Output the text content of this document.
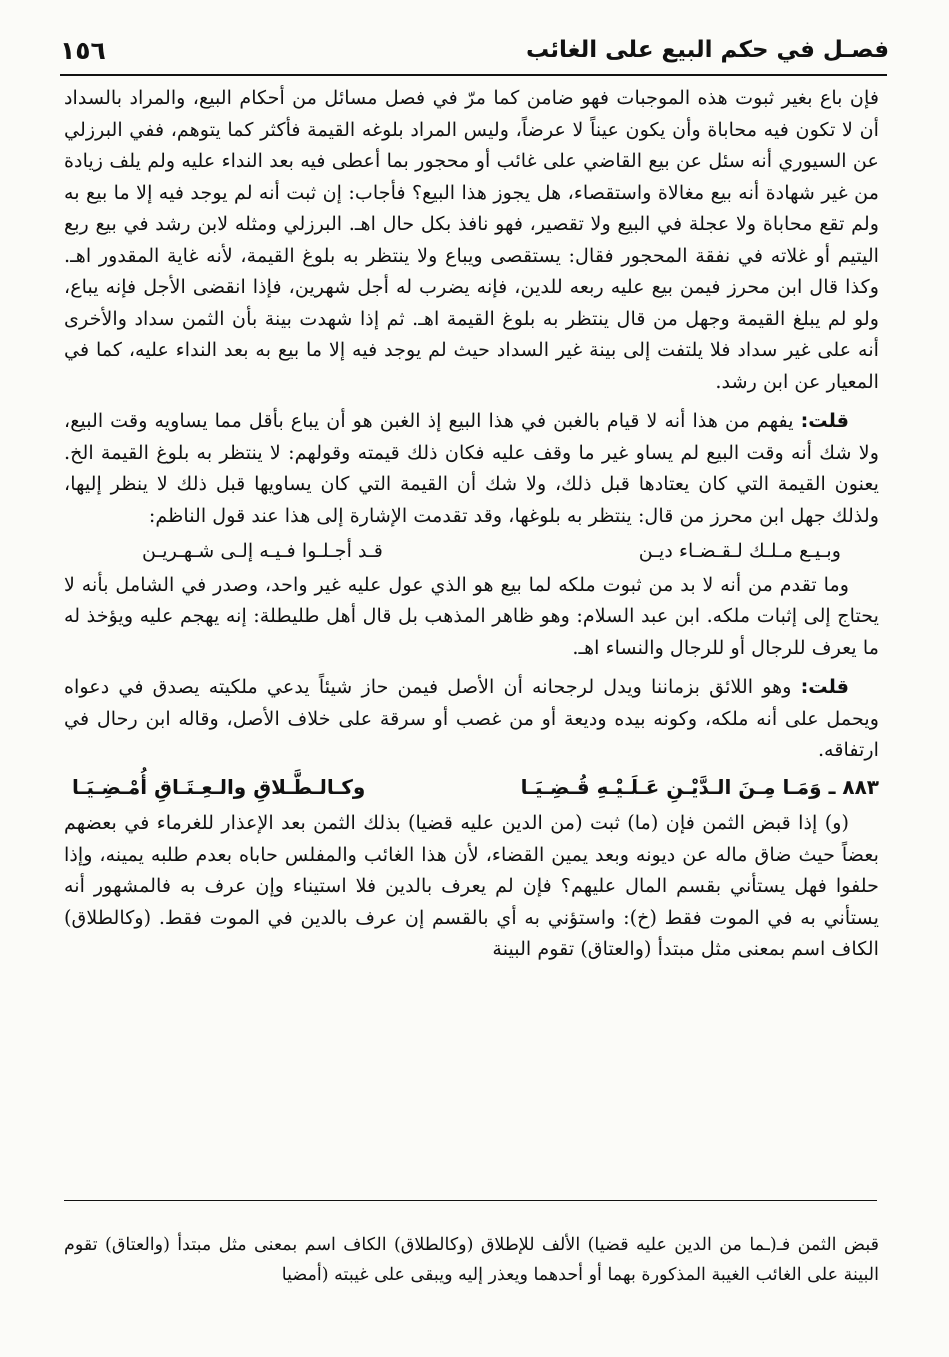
فصـل في حكم البيع على الغائب
١٥٦

فإن باع بغير ثبوت هذه الموجبات فهو ضامن كما مرّ في فصل مسائل من أحكام البيع، والمراد بالسداد أن لا تكون فيه محاباة وأن يكون عيناً لا عرضاً، وليس المراد بلوغه القيمة فأكثر كما يتوهم، ففي البرزلي عن السيوري أنه سئل عن بيع القاضي على غائب أو محجور بما أعطى فيه بعد النداء عليه ولم يلف زيادة من غير شهادة أنه بيع مغالاة واستقصاء، هل يجوز هذا البيع؟ فأجاب: إن ثبت أنه لم يوجد فيه إلا ما بيع به ولم تقع محاباة ولا عجلة في البيع ولا تقصير، فهو نافذ بكل حال اهـ. البرزلي ومثله لابن رشد في بيع ربع اليتيم أو غلاته في نفقة المحجور فقال: يستقصى ويباع ولا ينتظر به بلوغ القيمة، لأنه غاية المقدور اهـ. وكذا قال ابن محرز فيمن بيع عليه ربعه للدين، فإنه يضرب له أجل شهرين، فإذا انقضى الأجل فإنه يباع، ولو لم يبلغ القيمة وجهل من قال ينتظر به بلوغ القيمة اهـ. ثم إذا شهدت بينة بأن الثمن سداد والأخرى أنه على غير سداد فلا يلتفت إلى بينة غير السداد حيث لم يوجد فيه إلا ما بيع به بعد النداء عليه، كما في المعيار عن ابن رشد.

قلت: يفهم من هذا أنه لا قيام بالغبن في هذا البيع إذ الغبن هو أن يباع بأقل مما يساويه وقت البيع، ولا شك أنه وقت البيع لم يساو غير ما وقف عليه فكان ذلك قيمته وقولهم: لا ينتظر به بلوغ القيمة الخ. يعنون القيمة التي كان يعتادها قبل ذلك، ولا شك أن القيمة التي كان يساويها قبل ذلك لا ينظر إليها، ولذلك جهل ابن محرز من قال: ينتظر به بلوغها، وقد تقدمت الإشارة إلى هذا عند قول الناظم:

وبـيـع مـلـك لـقـضـاء ديـن
قـد أجـلـوا فـيـه إلـى شـهـريـن

وما تقدم من أنه لا بد من ثبوت ملكه لما بيع هو الذي عول عليه غير واحد، وصدر في الشامل بأنه لا يحتاج إلى إثبات ملكه. ابن عبد السلام: وهو ظاهر المذهب بل قال أهل طليطلة: إنه يهجم عليه ويؤخذ له ما يعرف للرجال أو للرجال والنساء اهـ.

قلت: وهو اللائق بزماننا ويدل لرجحانه أن الأصل فيمن حاز شيئاً يدعي ملكيته يصدق في دعواه ويحمل على أنه ملكه، وكونه بيده وديعة أو من غصب أو سرقة على خلاف الأصل، وقاله ابن رحال في ارتفاقه.

٨٨٣ ـ وَمَـا مِـنَ الـدَّيْـنِ عَـلَـيْـهِ قُـضِـيَـا
وكـالـطَّـلاقِ والـعِـتَـاقِ أُمْـضِـيَـا

(و) إذا قبض الثمن فإن (ما) ثبت (من الدين عليه قضيا) بذلك الثمن بعد الإعذار للغرماء في بعضهم بعضاً حيث ضاق ماله عن ديونه وبعد يمين القضاء، لأن هذا الغائب والمفلس حاباه بعدم طلبه يمينه، وإذا حلفوا فهل يستأني بقسم المال عليهم؟ فإن لم يعرف بالدين فلا استيناء وإن عرف به فالمشهور أنه يستأني به في الموت فقط (خ): واستؤني به أي بالقسم إن عرف بالدين في الموت فقط. (وكالطلاق) الكاف اسم بمعنى مثل مبتدأ (والعتاق) تقوم البينة

قبض الثمن فـ(ـما من الدين عليه قضيا) الألف للإطلاق (وكالطلاق) الكاف اسم بمعنى مثل مبتدأ (والعتاق) تقوم البينة على الغائب الغيبة المذكورة بهما أو أحدهما ويعذر إليه ويبقى على غيبته (أمضيا
